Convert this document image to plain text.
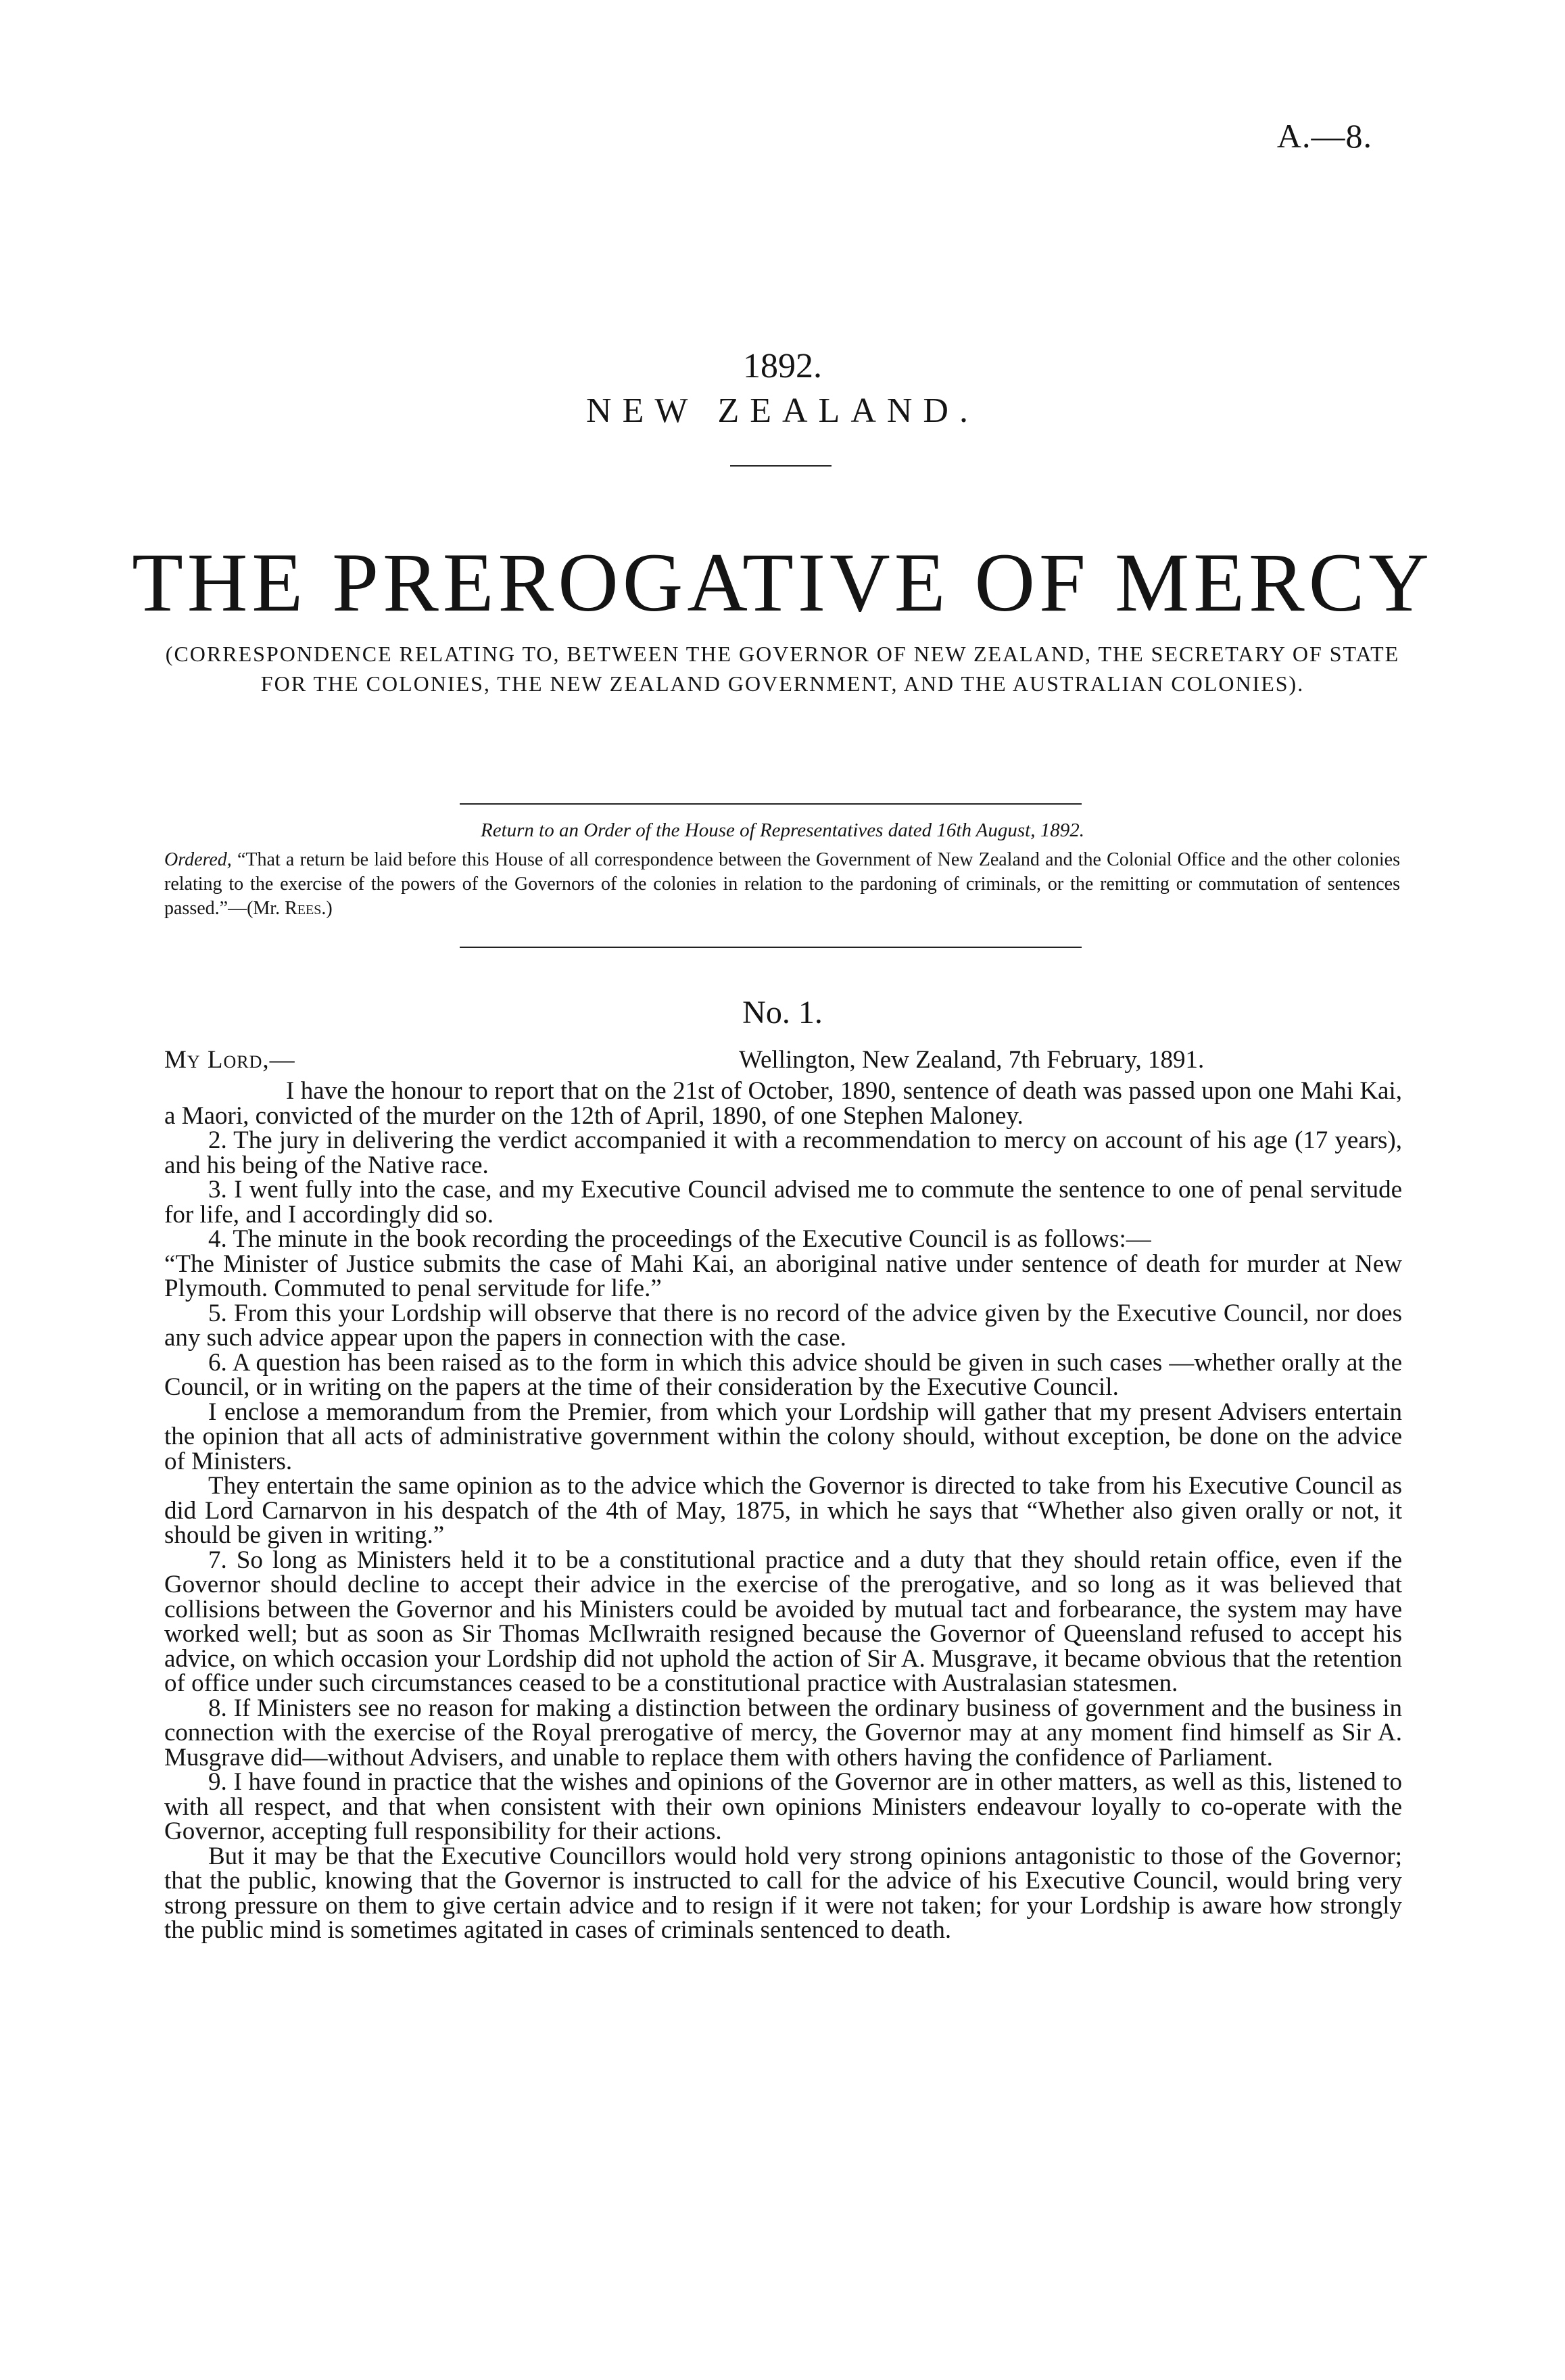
A.—8.
1892.
NEW ZEALAND.
THE PREROGATIVE OF MERCY
(CORRESPONDENCE RELATING TO, BETWEEN THE GOVERNOR OF NEW ZEALAND, THE SECRETARY OF STATE FOR THE COLONIES, THE NEW ZEALAND GOVERNMENT, AND THE AUSTRALIAN COLONIES).
Return to an Order of the House of Representatives dated 16th August, 1892.
Ordered, “That a return be laid before this House of all correspondence between the Government of New Zealand and the Colonial Office and the other colonies relating to the exercise of the powers of the Governors of the colonies in relation to the pardoning of criminals, or the remitting or commutation of sentences passed.”—(Mr. Rees.)
No. 1.
My Lord,—	Wellington, New Zealand, 7th February, 1891.

I have the honour to report that on the 21st of October, 1890, sentence of death was passed upon one Mahi Kai, a Maori, convicted of the murder on the 12th of April, 1890, of one Stephen Maloney.

2. The jury in delivering the verdict accompanied it with a recommendation to mercy on account of his age (17 years), and his being of the Native race.

3. I went fully into the case, and my Executive Council advised me to commute the sentence to one of penal servitude for life, and I accordingly did so.

4. The minute in the book recording the proceedings of the Executive Council is as follows:—

“The Minister of Justice submits the case of Mahi Kai, an aboriginal native under sentence of death for murder at New Plymouth. Commuted to penal servitude for life.”

5. From this your Lordship will observe that there is no record of the advice given by the Executive Council, nor does any such advice appear upon the papers in connection with the case.

6. A question has been raised as to the form in which this advice should be given in such cases —whether orally at the Council, or in writing on the papers at the time of their consideration by the Executive Council.

I enclose a memorandum from the Premier, from which your Lordship will gather that my present Advisers entertain the opinion that all acts of administrative government within the colony should, without exception, be done on the advice of Ministers.

They entertain the same opinion as to the advice which the Governor is directed to take from his Executive Council as did Lord Carnarvon in his despatch of the 4th of May, 1875, in which he says that “Whether also given orally or not, it should be given in writing.”

7. So long as Ministers held it to be a constitutional practice and a duty that they should retain office, even if the Governor should decline to accept their advice in the exercise of the prerogative, and so long as it was believed that collisions between the Governor and his Ministers could be avoided by mutual tact and forbearance, the system may have worked well; but as soon as Sir Thomas McIlwraith resigned because the Governor of Queensland refused to accept his advice, on which occasion your Lordship did not uphold the action of Sir A. Musgrave, it became obvious that the retention of office under such circumstances ceased to be a constitutional practice with Australasian statesmen.

8. If Ministers see no reason for making a distinction between the ordinary business of government and the business in connection with the exercise of the Royal prerogative of mercy, the Governor may at any moment find himself as Sir A. Musgrave did—without Advisers, and unable to replace them with others having the confidence of Parliament.

9. I have found in practice that the wishes and opinions of the Governor are in other matters, as well as this, listened to with all respect, and that when consistent with their own opinions Ministers endeavour loyally to co-operate with the Governor, accepting full responsibility for their actions.

But it may be that the Executive Councillors would hold very strong opinions antagonistic to those of the Governor; that the public, knowing that the Governor is instructed to call for the advice of his Executive Council, would bring very strong pressure on them to give certain advice and to resign if it were not taken; for your Lordship is aware how strongly the public mind is sometimes agitated in cases of criminals sentenced to death.
